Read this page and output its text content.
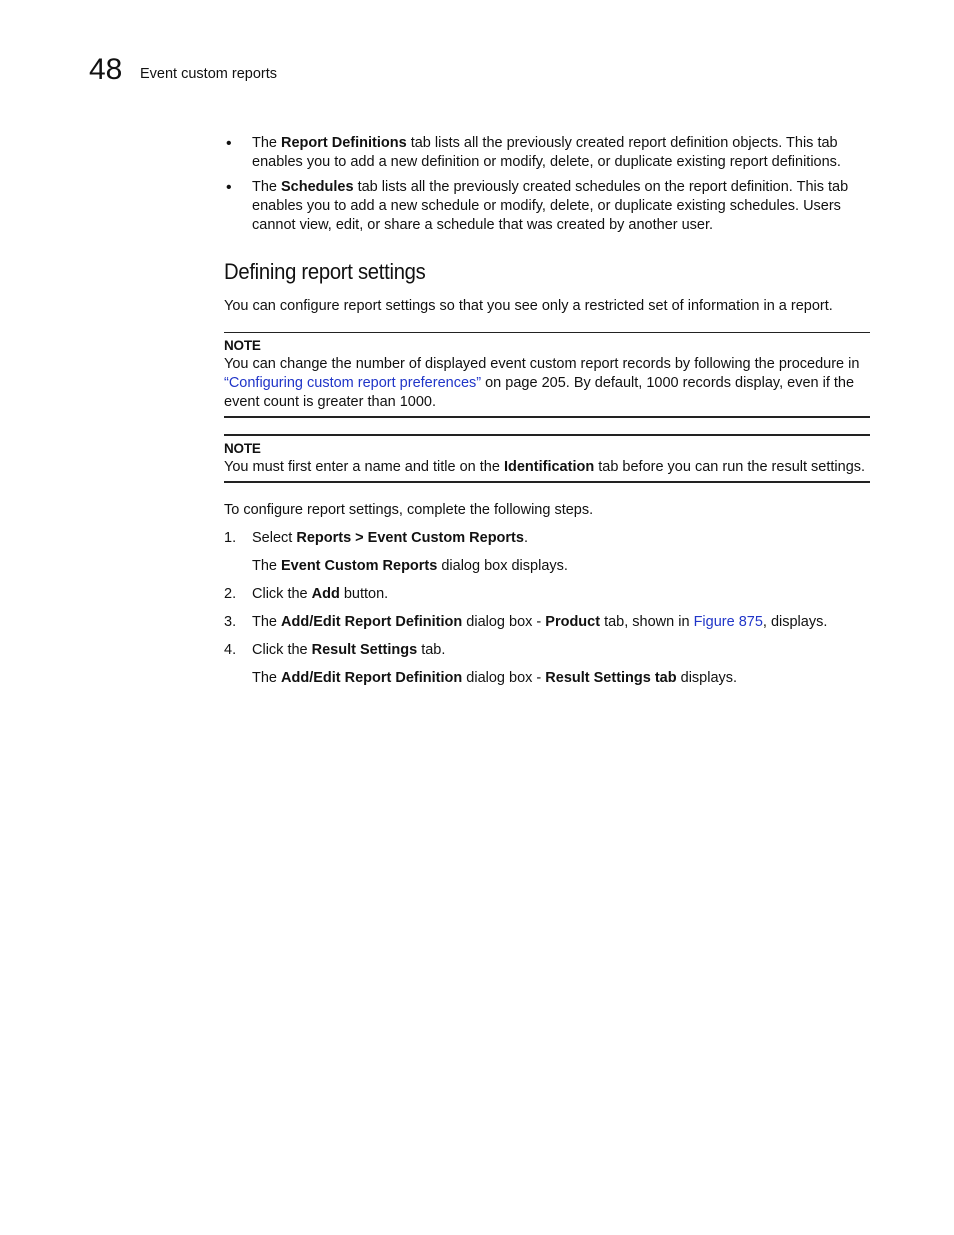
48 Event custom reports
• The Report Definitions tab lists all the previously created report definition objects. This tab enables you to add a new definition or modify, delete, or duplicate existing report definitions.
• The Schedules tab lists all the previously created schedules on the report definition. This tab enables you to add a new schedule or modify, delete, or duplicate existing schedules. Users cannot view, edit, or share a schedule that was created by another user.
Defining report settings

You can configure report settings so that you see only a restricted set of information in a report.

NOTE

You can change the number of displayed event custom report records by following the procedure in “Configuring custom report preferences” on page 205. By default, 1000 records display, even if the event count is greater than 1000.

NOTE

You must first enter a name and title on the Identification tab before you can run the result settings.

To configure report settings, complete the following steps.

1. Select Reports > Event Custom Reports.
The Event Custom Reports dialog box displays.
2. Click the Add button.
3. The Add/Edit Report Definition dialog box - Product tab, shown in Figure 875, displays.
4. Click the Result Settings tab.
The Add/Edit Report Definition dialog box - Result Settings tab displays.
